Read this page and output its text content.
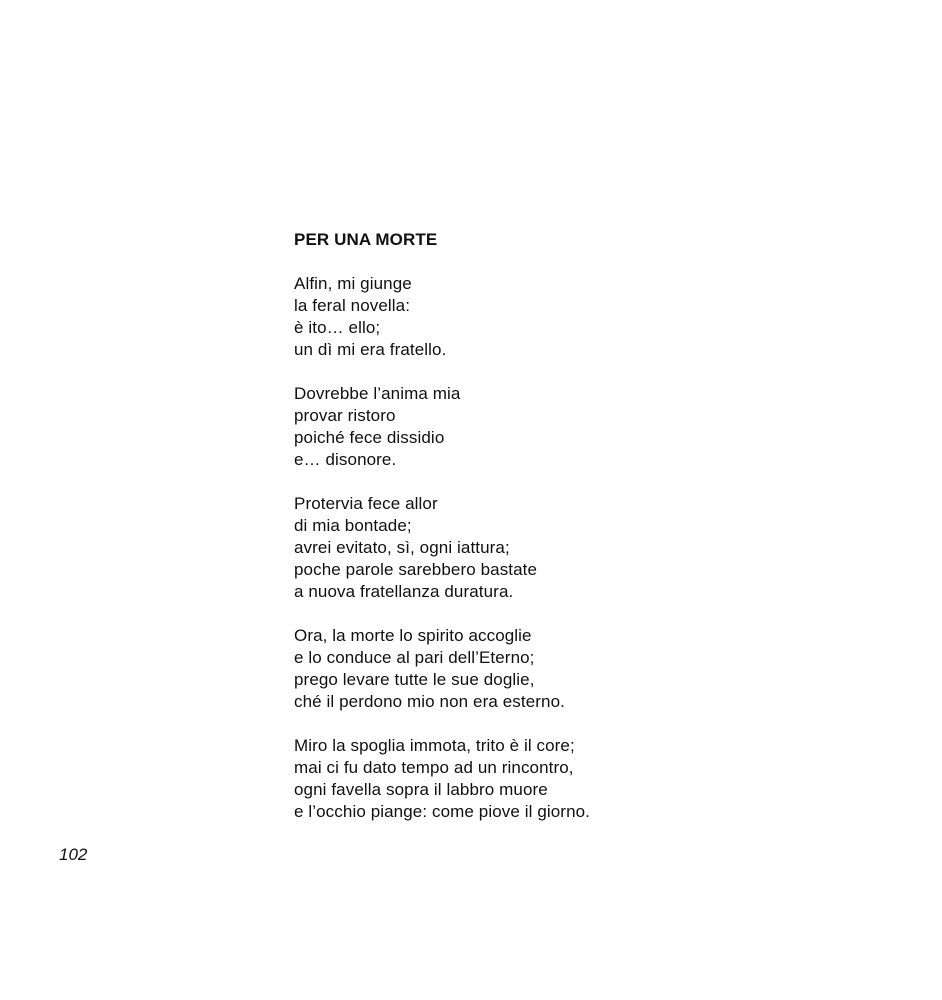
PER UNA MORTE
Alfin, mi giunge
la feral novella:
è ito… ello;
un dì mi era fratello.
Dovrebbe l’anima mia
provar ristoro
poiché fece dissidio
e… disonore.
Protervia fece allor
di mia bontade;
avrei evitato, sì, ogni iattura;
poche parole sarebbero bastate
a nuova fratellanza duratura.
Ora, la morte lo spirito accoglie
e lo conduce al pari dell’Eterno;
prego levare tutte le sue doglie,
ché il perdono mio non era esterno.
Miro la spoglia immota, trito è il core;
mai ci fu dato tempo ad un rincontro,
ogni favella sopra il labbro muore
e l’occhio piange: come piove il giorno.
102
